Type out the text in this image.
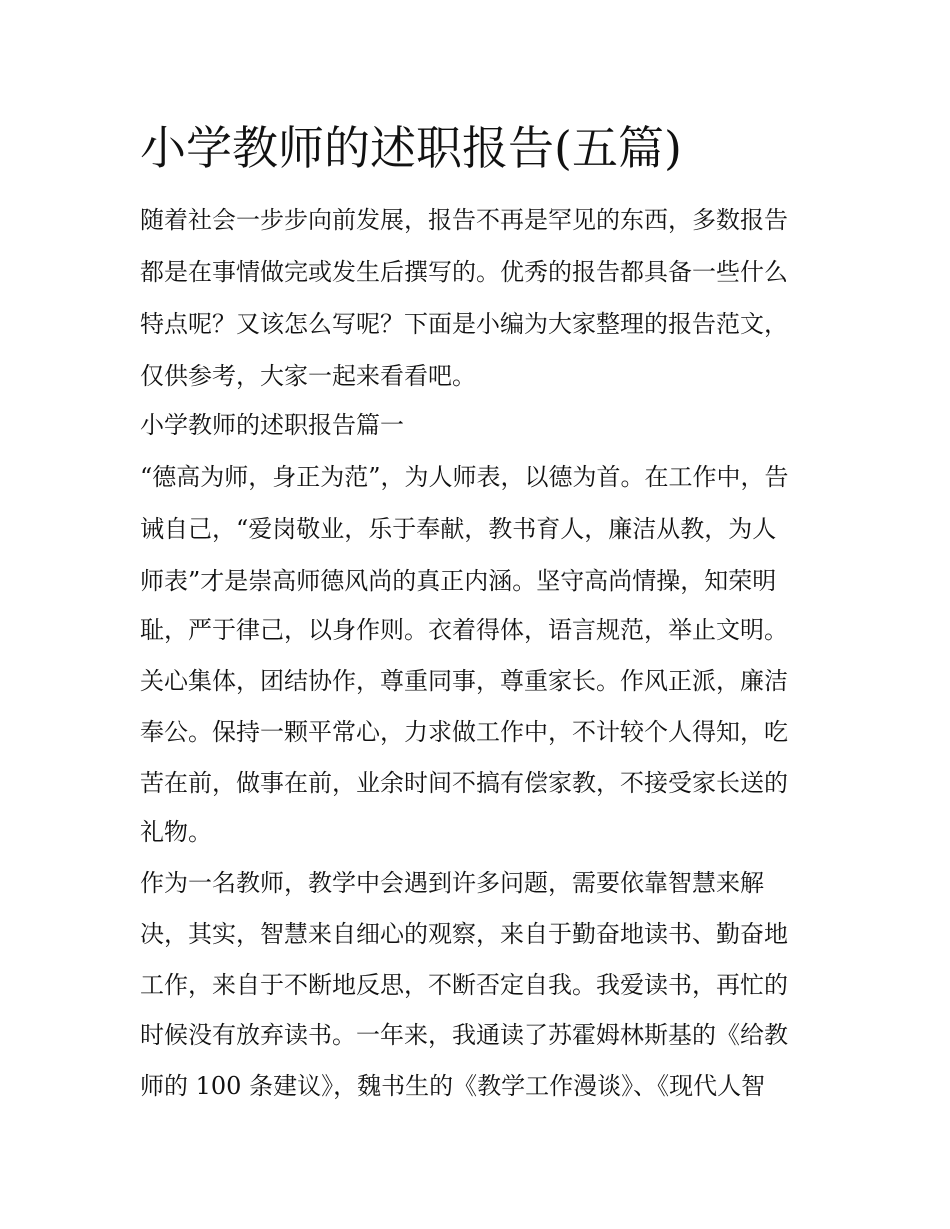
小学教师的述职报告(五篇)
随着社会一步步向前发展，报告不再是罕见的东西，多数报告
都是在事情做完或发生后撰写的。优秀的报告都具备一些什么
特点呢？又该怎么写呢？下面是小编为大家整理的报告范文，
仅供参考，大家一起来看看吧。
小学教师的述职报告篇一
“德高为师，身正为范”，为人师表，以德为首。在工作中，告
诫自己，“爱岗敬业，乐于奉献，教书育人，廉洁从教，为人
师表”才是崇高师德风尚的真正内涵。坚守高尚情操，知荣明
耻，严于律己，以身作则。衣着得体，语言规范，举止文明。
关心集体，团结协作，尊重同事，尊重家长。作风正派，廉洁
奉公。保持一颗平常心，力求做工作中，不计较个人得知，吃
苦在前，做事在前，业余时间不搞有偿家教，不接受家长送的
礼物。
作为一名教师，教学中会遇到许多问题，需要依靠智慧来解
决，其实，智慧来自细心的观察，来自于勤奋地读书、勤奋地
工作，来自于不断地反思，不断否定自我。我爱读书，再忙的
时候没有放弃读书。一年来，我通读了苏霍姆林斯基的《给教
师的 100 条建议》，魏书生的《教学工作漫谈》、《现代人智
